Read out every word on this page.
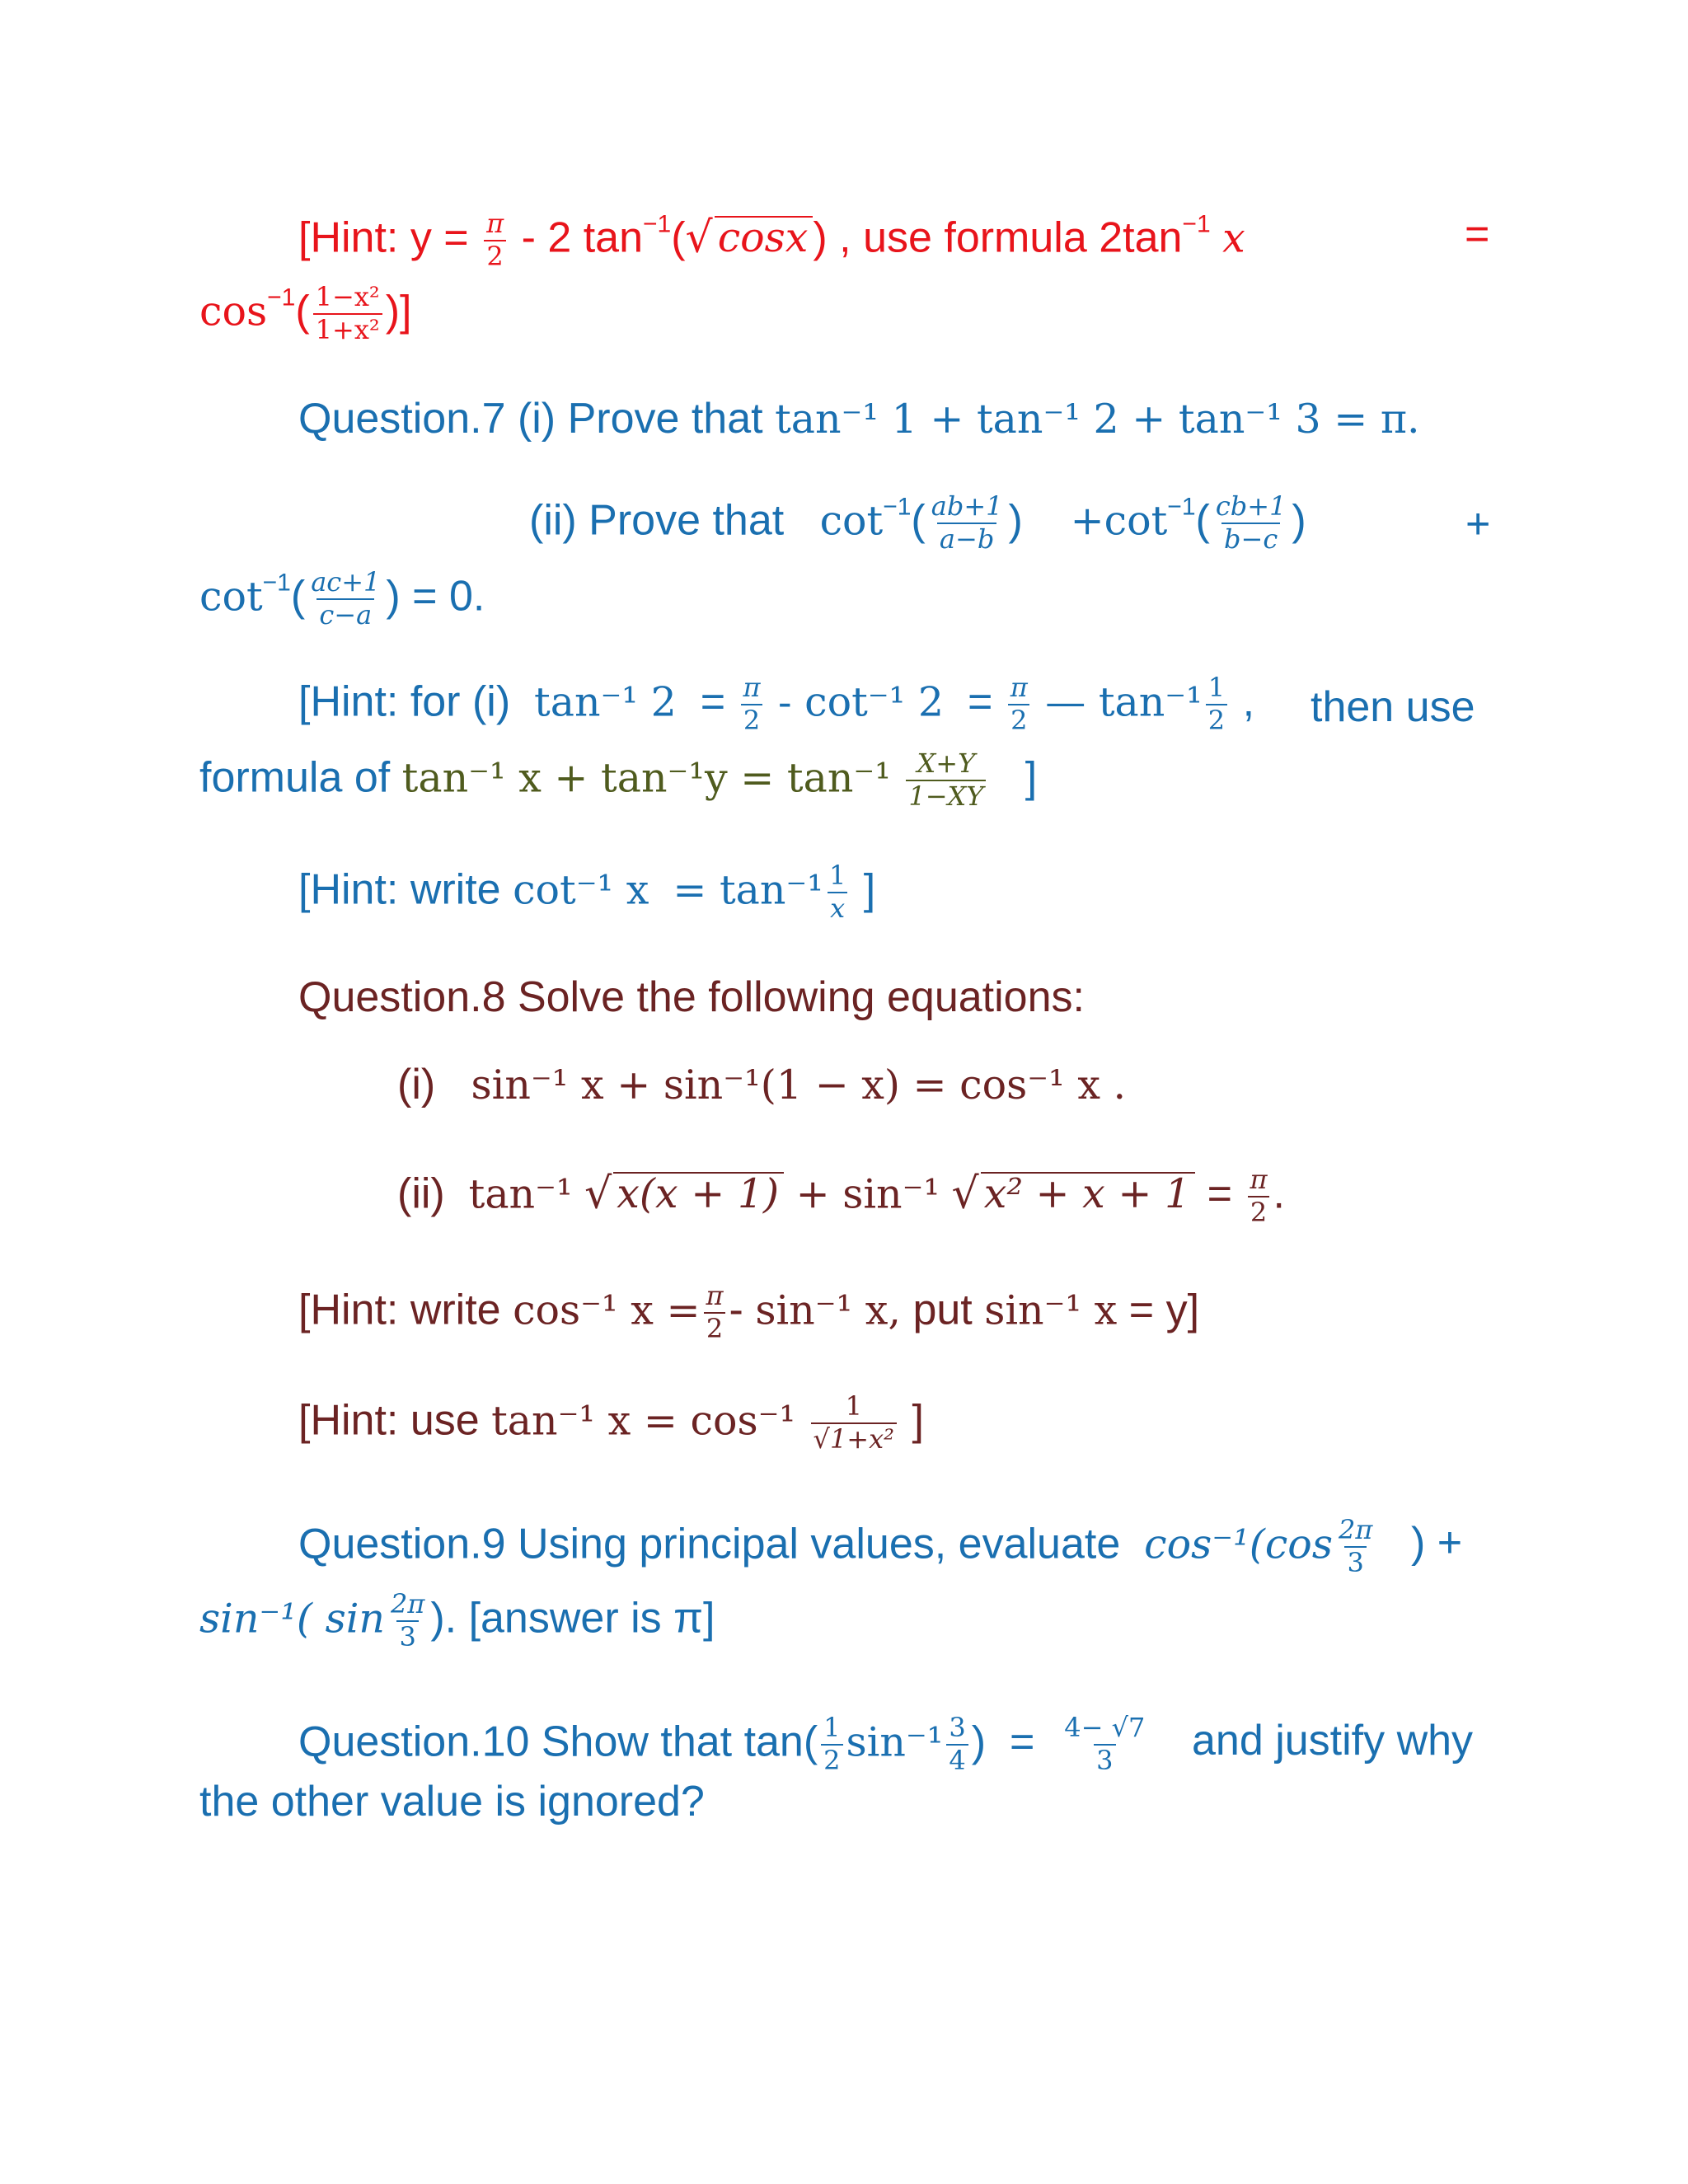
[Hint: $y = \frac{\pi}{2} - 2$ $\tan^{-1}(√$ cosx ) , use formula $2\tan^{-1}$ x	=
$\cos^{-1}( \frac{\text{1−x²}}{\text{1+x²}}$ )]
Question.7 (i) Prove that tan⁻¹ 1 + tan⁻¹ 2 + tan⁻¹ 3 = π.
(ii) Prove that $\cot^{-1}( \frac{ab+1}{a-b}$ )    $+\cot^{-1}( \frac{cb+1}{b-c}$ )	+
$\cot^{-1}( \frac{ac+1}{c-a}$ ) = 0.
[Hint: for (i) tan⁻¹ $2 = \frac{\pi}{2} - \cot^{-1}$ $2 = \frac{\pi}{2}$ — $\tan^{-1} \frac{1}{2}$ , then use
formula of tan⁻¹ $x + \tan^{-1}y = \tan^{-1} \frac{X+Y}{1-XY}$ ]
[Hint: write cot⁻¹ $x = \tan^{-1} \frac{1}{x}$ ]
Question.8 Solve the following equations:
(i) sin⁻¹ x + sin⁻¹(1 − x) = cos⁻¹ x .
(ii) tan⁻¹ √ x(x + 1) + sin⁻¹ √ $x^2 + x + 1 = \frac{\pi}{2}$ .
[Hint: write cos⁻¹ $x = \frac{\pi}{2} - \sin^{-1}$ x, put sin⁻¹ x = y]
[Hint: use tan⁻¹ $x = \cos^{-1} \frac{1}{\text{√1+x²}}$ ]
Question.9 Using principal values, evaluate $\cos^{-1}(\cos \frac{2\pi}{3}$ ) +
sin⁻¹( $\sin \frac{2\pi}{3}$ ). [answer is π]
Question.10 Show that $\tan( \frac{1}{2} \sin^{-1} \frac{3}{4}$ ) = $\frac{4- √7}{3}$ and justify why
the other value is ignored?
